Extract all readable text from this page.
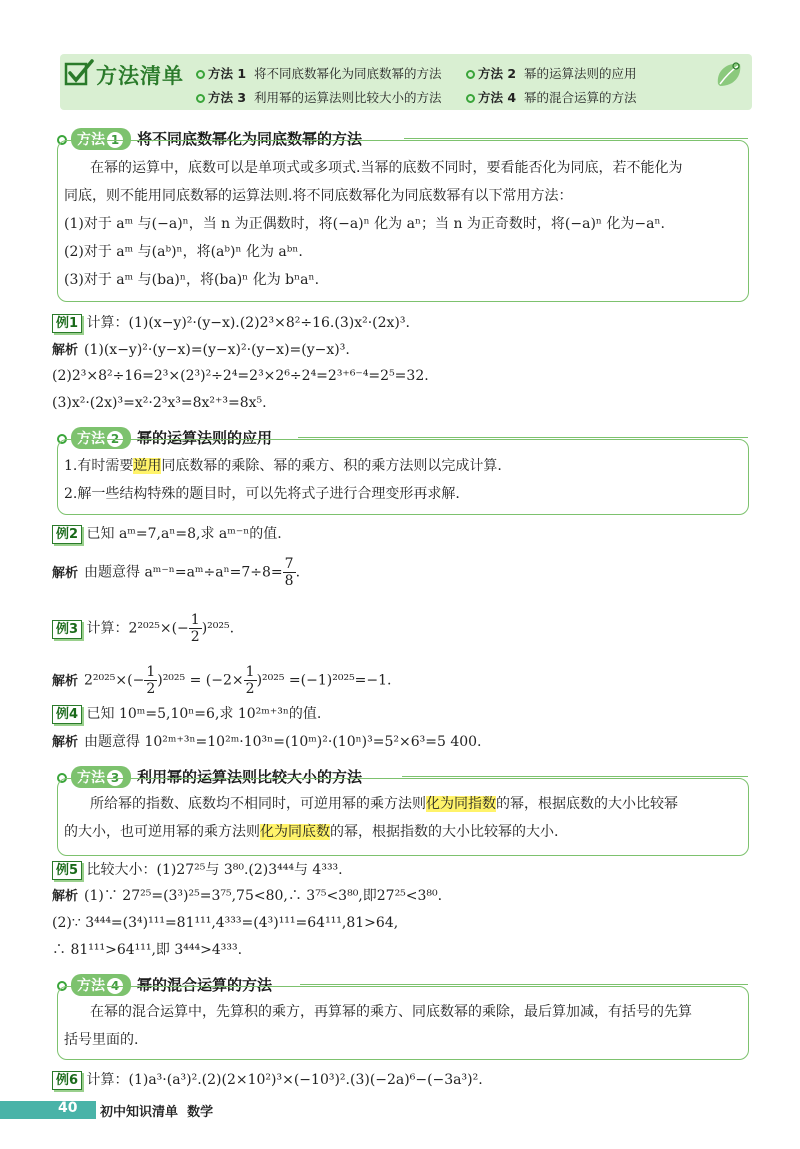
方法清单	方法 1 将不同底数幂化为同底数幂的方法	方法 2 幂的运算法则的应用
方法 3 利用幂的运算法则比较大小的方法	方法 4 幂的混合运算的方法
方法 1 将不同底数幂化为同底数幂的方法
在幂的运算中，底数可以是单项式或多项式.当幂的底数不同时，要看能否化为同底，若不能化为
同底，则不能用同底数幂的运算法则.将不同底数幂化为同底数幂有以下常用方法：
(1)对于 aᵐ 与(−a)ⁿ，当 n 为正偶数时，将(−a)ⁿ 化为 aⁿ；当 n 为正奇数时，将(−a)ⁿ 化为−aⁿ.
(2)对于 aᵐ 与(aᵇ)ⁿ，将(aᵇ)ⁿ 化为 aᵇⁿ.
(3)对于 aᵐ 与(ba)ⁿ，将(ba)ⁿ 化为 bⁿaⁿ.
例1 计算：(1)(x−y)²·(y−x).(2)2³×8²÷16.(3)x²·(2x)³.
解析 (1)(x−y)²·(y−x)=(y−x)²·(y−x)=(y−x)³.
(2)2³×8²÷16=2³×(2³)²÷2⁴=2³×2⁶÷2⁴=2³⁺⁶⁻⁴=2⁵=32.
(3)x²·(2x)³=x²·2³x³=8x²⁺³=8x⁵.
方法 2 幂的运算法则的应用
1.有时需要逆用同底数幂的乘除、幂的乘方、积的乘方法则以完成计算.
2.解一些结构特殊的题目时，可以先将式子进行合理变形再求解.
例2 已知 aᵐ=7,aⁿ=8,求 aᵐ⁻ⁿ的值.
解析 由题意得 aᵐ⁻ⁿ=aᵐ÷aⁿ=7÷8= $\frac{7}{8}$ .
例3 计算：$2^{2025}\times(- \frac{1}{2} )^{2025}$.
解析 $2^{2025}\times(- \frac{1}{2} )^{2025} = (-2\times \frac{1}{2} )^{2025} =(-1)^{2025}=-1$.
例4 已知 10ᵐ=5,10ⁿ=6,求 10²ᵐ⁺³ⁿ的值.
解析 由题意得 10²ᵐ⁺³ⁿ=10²ᵐ·10³ⁿ=(10ᵐ)²·(10ⁿ)³=5²×6³=5 400.
方法 3 利用幂的运算法则比较大小的方法
所给幂的指数、底数均不相同时，可逆用幂的乘方法则化为同指数的幂，根据底数的大小比较幂
的大小，也可逆用幂的乘方法则化为同底数的幂，根据指数的大小比较幂的大小.
例5 比较大小：(1)27²⁵与 3⁸⁰.(2)3⁴⁴⁴与 4³³³.
解析 (1)∵ 27²⁵=(3³)²⁵=3⁷⁵,75<80,∴ 3⁷⁵<3⁸⁰,即27²⁵<3⁸⁰.
(2)∵ 3⁴⁴⁴=(3⁴)¹¹¹=81¹¹¹,4³³³=(4³)¹¹¹=64¹¹¹,81>64,
∴ 81¹¹¹>64¹¹¹,即 3⁴⁴⁴>4³³³.
方法 4 幂的混合运算的方法
在幂的混合运算中，先算积的乘方，再算幂的乘方、同底数幂的乘除，最后算加减，有括号的先算
括号里面的.
例6 计算：(1)a³·(a³)².(2)(2×10²)³×(−10³)².(3)(−2a)⁶−(−3a³)².
40 初中知识清单 数学
